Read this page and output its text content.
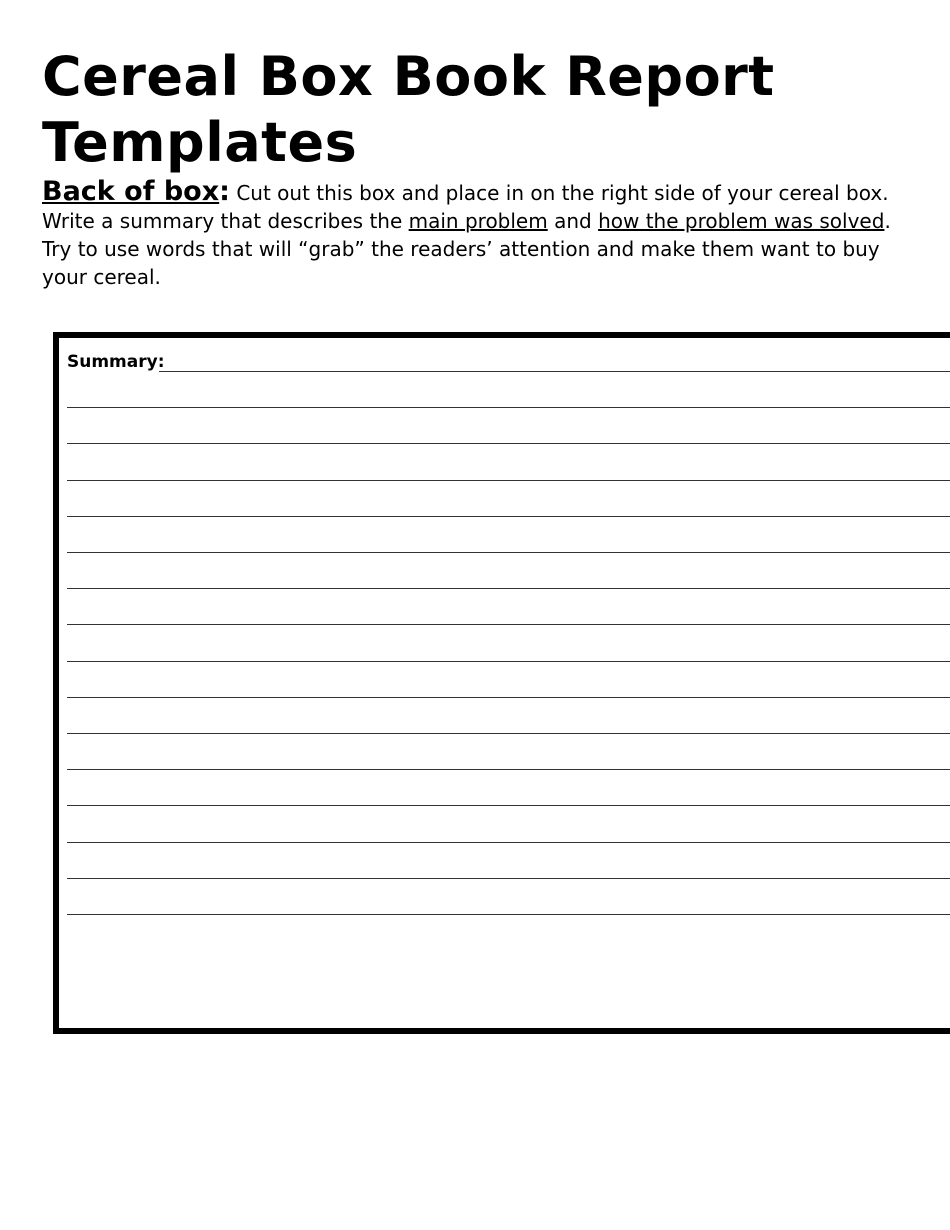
Cereal Box Book Report Templates

Back of box: Cut out this box and place in on the right side of your cereal box.
Write a summary that describes the main problem and how the problem was solved. Try to use words that will “grab” the readers’ attention and make them want to buy your cereal.

Summary:
